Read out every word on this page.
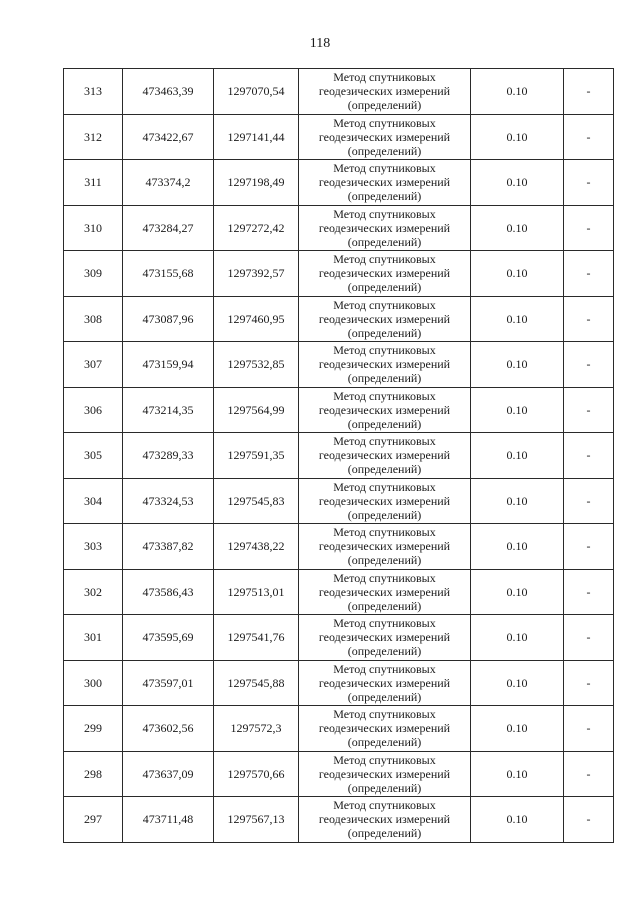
118
313	473463,39	1297070,54	Метод спутниковых
геодезических измерений
(определений)	0.10	-
312	473422,67	1297141,44	Метод спутниковых
геодезических измерений
(определений)	0.10	-
311	473374,2	1297198,49	Метод спутниковых
геодезических измерений
(определений)	0.10	-
310	473284,27	1297272,42	Метод спутниковых
геодезических измерений
(определений)	0.10	-
309	473155,68	1297392,57	Метод спутниковых
геодезических измерений
(определений)	0.10	-
308	473087,96	1297460,95	Метод спутниковых
геодезических измерений
(определений)	0.10	-
307	473159,94	1297532,85	Метод спутниковых
геодезических измерений
(определений)	0.10	-
306	473214,35	1297564,99	Метод спутниковых
геодезических измерений
(определений)	0.10	-
305	473289,33	1297591,35	Метод спутниковых
геодезических измерений
(определений)	0.10	-
304	473324,53	1297545,83	Метод спутниковых
геодезических измерений
(определений)	0.10	-
303	473387,82	1297438,22	Метод спутниковых
геодезических измерений
(определений)	0.10	-
302	473586,43	1297513,01	Метод спутниковых
геодезических измерений
(определений)	0.10	-
301	473595,69	1297541,76	Метод спутниковых
геодезических измерений
(определений)	0.10	-
300	473597,01	1297545,88	Метод спутниковых
геодезических измерений
(определений)	0.10	-
299	473602,56	1297572,3	Метод спутниковых
геодезических измерений
(определений)	0.10	-
298	473637,09	1297570,66	Метод спутниковых
геодезических измерений
(определений)	0.10	-
297	473711,48	1297567,13	Метод спутниковых
геодезических измерений
(определений)	0.10	-
